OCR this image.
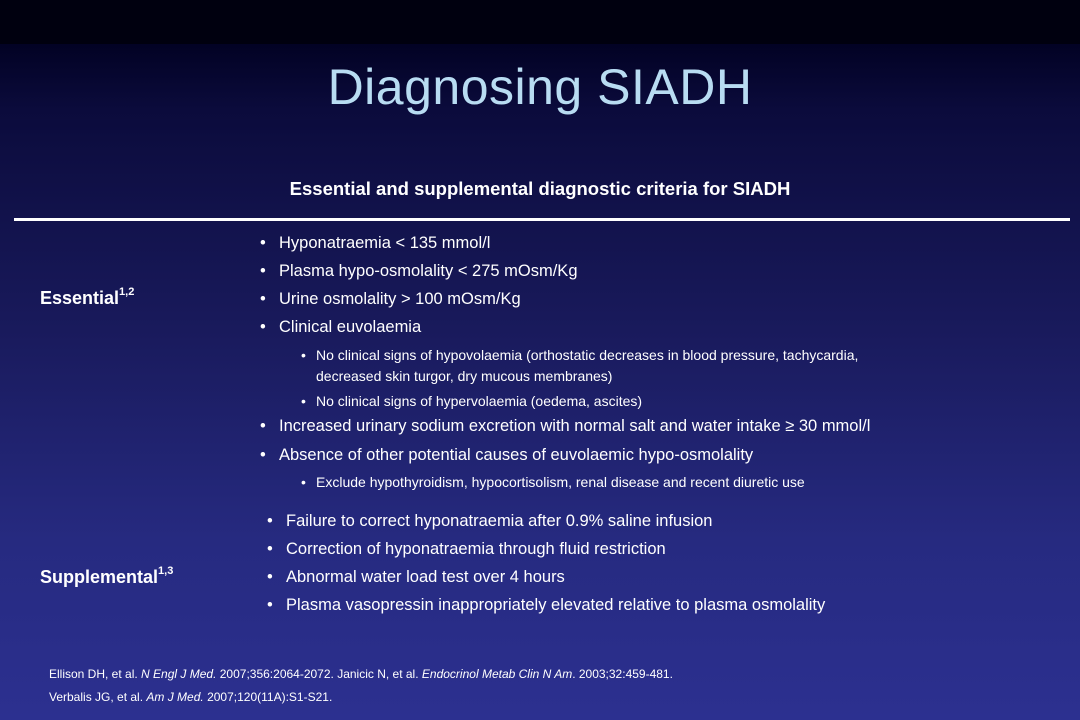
Diagnosing SIADH
Essential and supplemental diagnostic criteria for SIADH
Essential$^{1,2}$
• Hyponatraemia < 135 mmol/l
• Plasma hypo-osmolality < 275 mOsm/Kg
• Urine osmolality > 100 mOsm/Kg
• Clinical euvolaemia
• No clinical signs of hypovolaemia (orthostatic decreases in blood pressure, tachycardia,
decreased skin turgor, dry mucous membranes)
• No clinical signs of hypervolaemia (oedema, ascites)
• Increased urinary sodium excretion with normal salt and water intake ≥ 30 mmol/l
• Absence of other potential causes of euvolaemic hypo-osmolality
• Exclude hypothyroidism, hypocortisolism, renal disease and recent diuretic use
Supplemental$^{1,3}$
• Failure to correct hyponatraemia after 0.9% saline infusion
• Correction of hyponatraemia through fluid restriction
• Abnormal water load test over 4 hours
• Plasma vasopressin inappropriately elevated relative to plasma osmolality
Ellison DH, et al. N Engl J Med. 2007;356:2064-2072. Janicic N, et al. Endocrinol Metab Clin N Am. 2003;32:459-481.
Verbalis JG, et al. Am J Med. 2007;120(11A):S1-S21.
